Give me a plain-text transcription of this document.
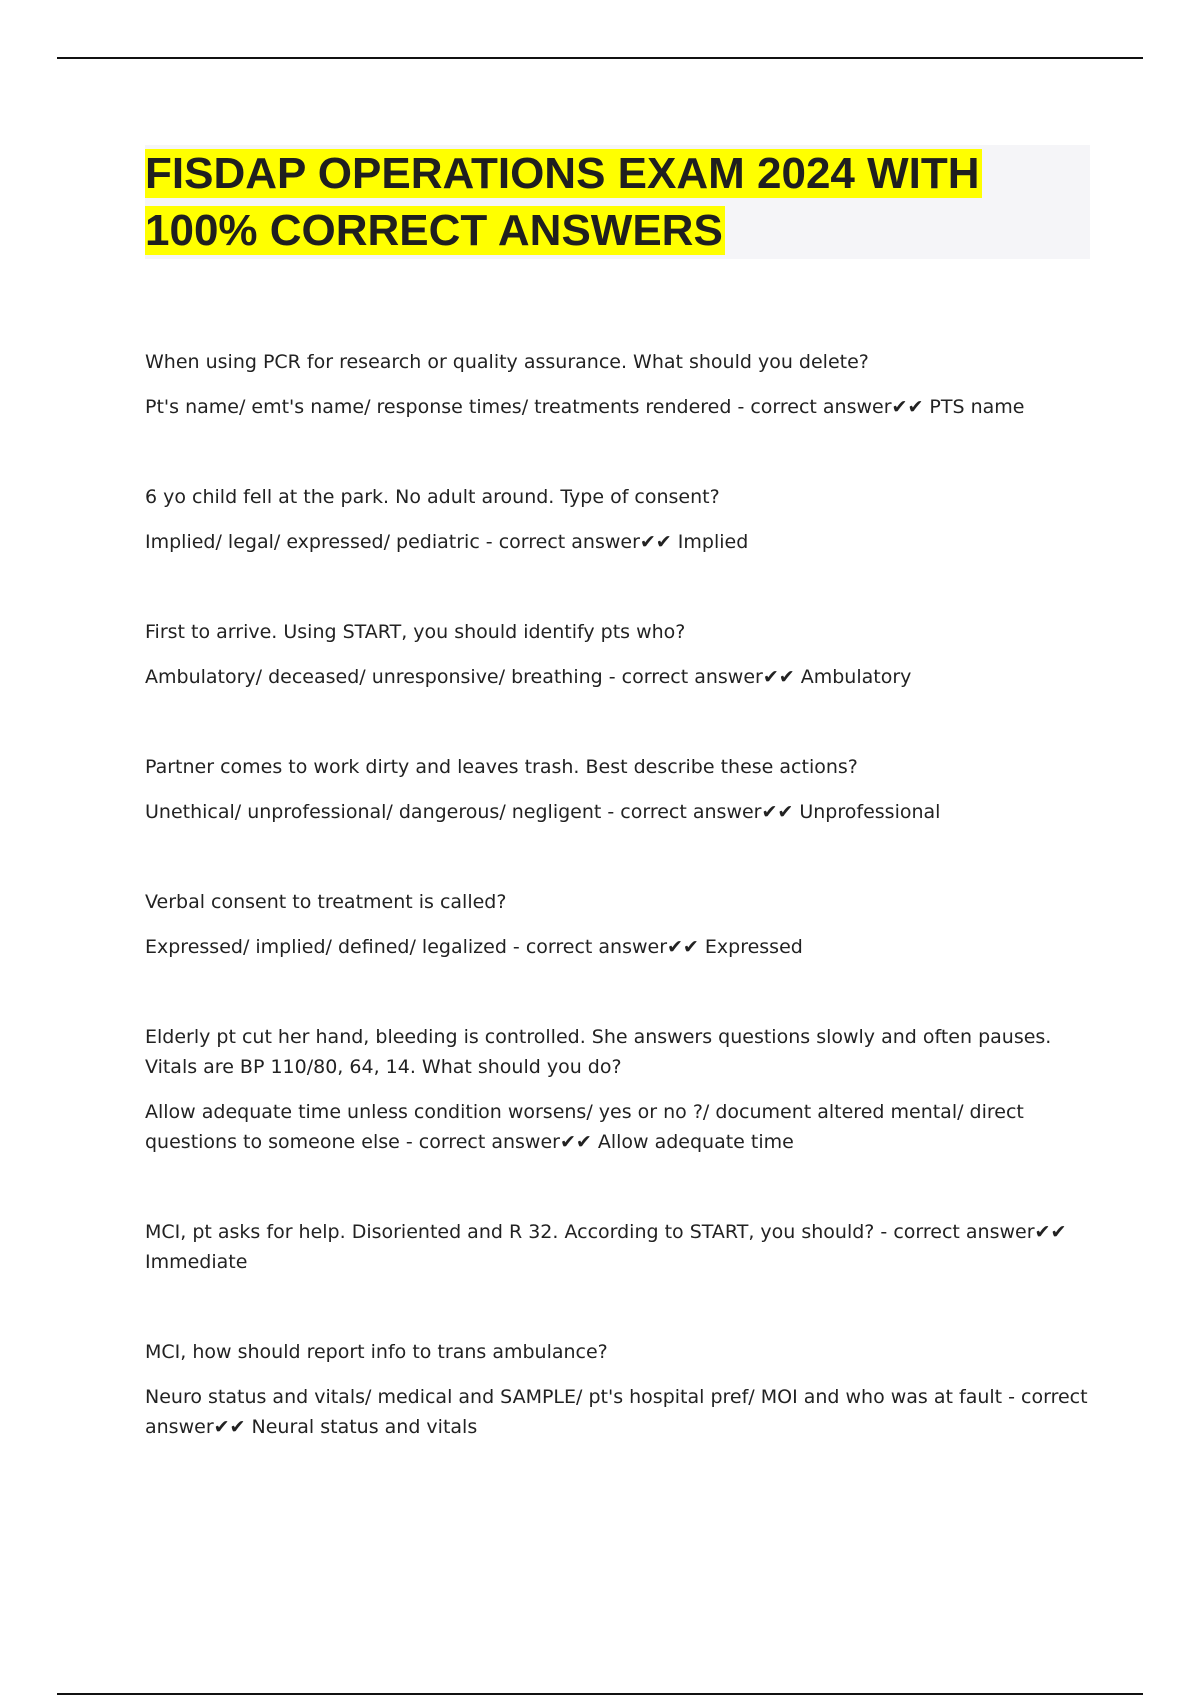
FISDAP OPERATIONS EXAM 2024 WITH
100% CORRECT ANSWERS

When using PCR for research or quality assurance. What should you delete?

Pt's name/ emt's name/ response times/ treatments rendered - correct answer✔✔ PTS name

6 yo child fell at the park. No adult around. Type of consent?

Implied/ legal/ expressed/ pediatric - correct answer✔✔ Implied

First to arrive. Using START, you should identify pts who?

Ambulatory/ deceased/ unresponsive/ breathing - correct answer✔✔ Ambulatory

Partner comes to work dirty and leaves trash. Best describe these actions?

Unethical/ unprofessional/ dangerous/ negligent - correct answer✔✔ Unprofessional

Verbal consent to treatment is called?

Expressed/ implied/ defined/ legalized - correct answer✔✔ Expressed

Elderly pt cut her hand, bleeding is controlled. She answers questions slowly and often pauses. Vitals are BP 110/80, 64, 14. What should you do?

Allow adequate time unless condition worsens/ yes or no ?/ document altered mental/ direct questions to someone else - correct answer✔✔ Allow adequate time

MCI, pt asks for help. Disoriented and R 32. According to START, you should? - correct answer✔✔ Immediate

MCI, how should report info to trans ambulance?

Neuro status and vitals/ medical and SAMPLE/ pt's hospital pref/ MOI and who was at fault - correct answer✔✔ Neural status and vitals
